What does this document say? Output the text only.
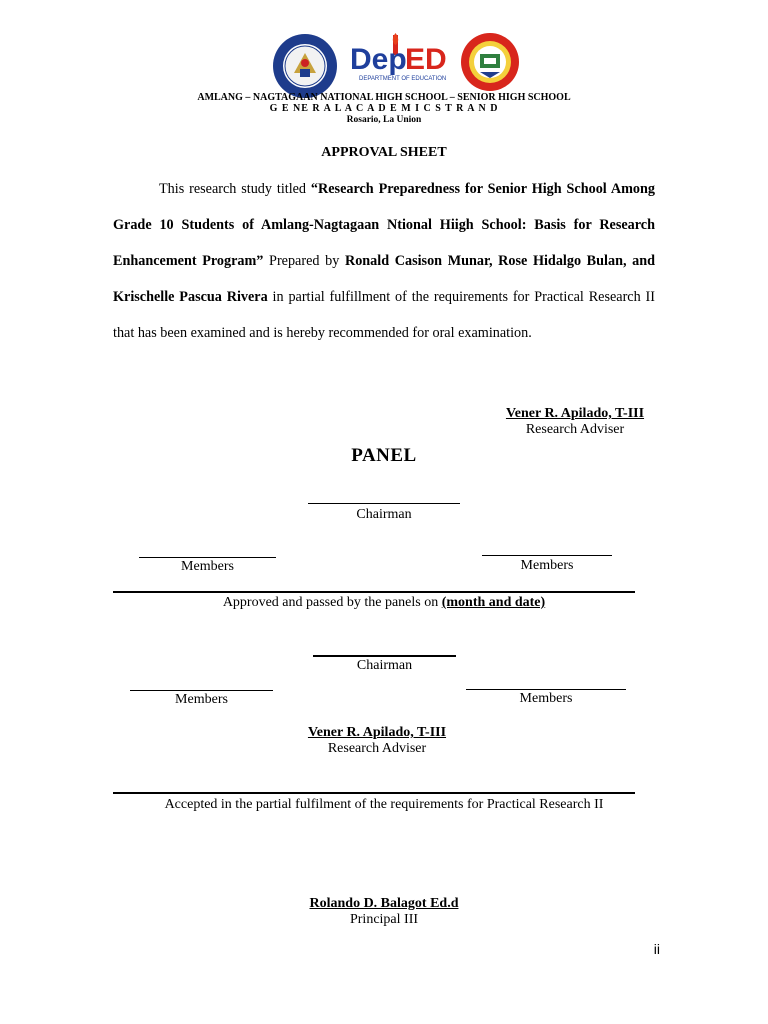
Dep
ED
DEPARTMENT OF EDUCATION
AMLANG – NAGTAGAAN NATIONAL HIGH SCHOOL – SENIOR HIGH SCHOOL
G E NE R A L A C A D E M I C S T R A N D
Rosario, La Union
APPROVAL SHEET
This research study titled “Research Preparedness for Senior High School Among Grade 10 Students of Amlang-Nagtagaan Ntional Hiigh School: Basis for Research Enhancement Program” Prepared by Ronald Casison Munar, Rose Hidalgo Bulan, and Krischelle Pascua Rivera in partial fulfillment of the requirements for Practical Research II that has been examined and is hereby recommended for oral examination.
Vener R. Apilado, T-III
Research Adviser
PANEL
Chairman
Members	Members
Approved and passed by the panels on (month and date)
Chairman
Members	Members
Vener R. Apilado, T-III
Research Adviser
Accepted in the partial fulfilment of the requirements for Practical Research II
Rolando D. Balagot Ed.d
Principal III
ii
